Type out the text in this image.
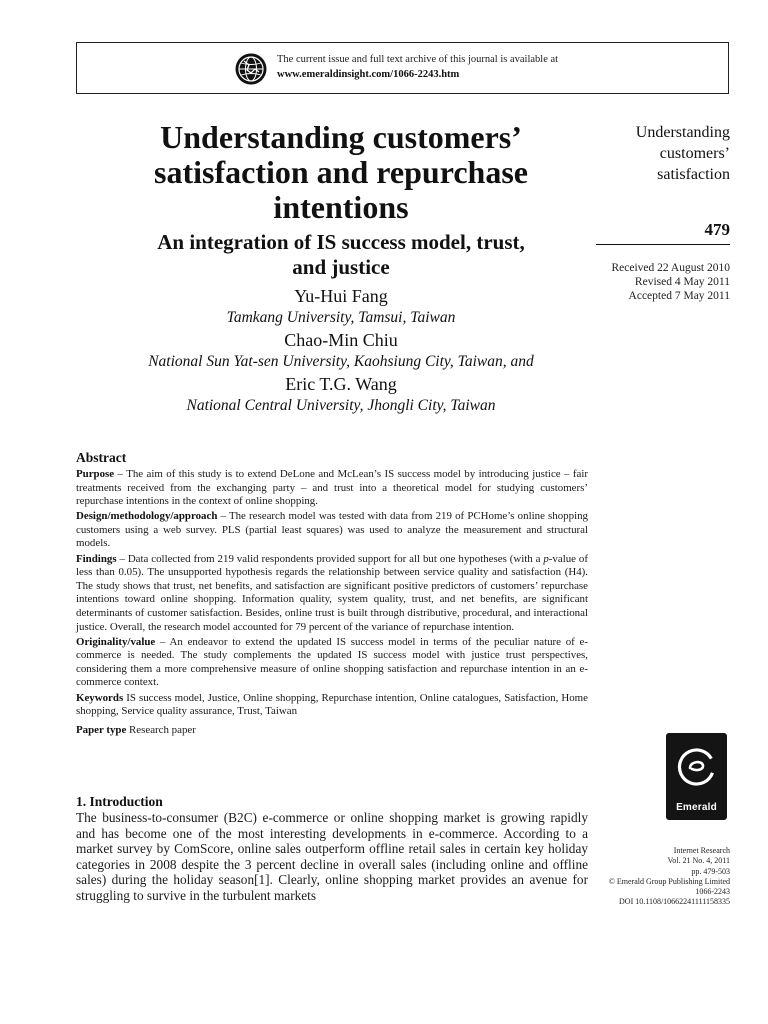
The current issue and full text archive of this journal is available at
www.emeraldinsight.com/1066-2243.htm
Understanding customers’
satisfaction and repurchase
intentions
An integration of IS success model, trust,
and justice
Yu-Hui Fang
Tamkang University, Tamsui, Taiwan
Chao-Min Chiu
National Sun Yat-sen University, Kaohsiung City, Taiwan, and
Eric T.G. Wang
National Central University, Jhongli City, Taiwan
Understanding
customers’
satisfaction
479
Received 22 August 2010
Revised 4 May 2011
Accepted 7 May 2011
Abstract

Purpose – The aim of this study is to extend DeLone and McLean’s IS success model by introducing justice – fair treatments received from the exchanging party – and trust into a theoretical model for studying customers’ repurchase intentions in the context of online shopping.

Design/methodology/approach – The research model was tested with data from 219 of PCHome’s online shopping customers using a web survey. PLS (partial least squares) was used to analyze the measurement and structural models.

Findings – Data collected from 219 valid respondents provided support for all but one hypotheses (with a p-value of less than 0.05). The unsupported hypothesis regards the relationship between service quality and satisfaction (H4). The study shows that trust, net benefits, and satisfaction are significant positive predictors of customers’ repurchase intentions toward online shopping. Information quality, system quality, trust, and net benefits, are significant determinants of customer satisfaction. Besides, online trust is built through distributive, procedural, and interactional justice. Overall, the research model accounted for 79 percent of the variance of repurchase intention.

Originality/value – An endeavor to extend the updated IS success model in terms of the peculiar nature of e-commerce is needed. The study complements the updated IS success model with justice trust perspectives, considering them a more comprehensive measure of online shopping satisfaction and repurchase intention in an e-commerce context.

Keywords IS success model, Justice, Online shopping, Repurchase intention, Online catalogues, Satisfaction, Home shopping, Service quality assurance, Trust, Taiwan

Paper type Research paper

1. Introduction

The business-to-consumer (B2C) e-commerce or online shopping market is growing rapidly and has become one of the most interesting developments in e-commerce. According to a market survey by ComScore, online sales outperform offline retail sales in certain key holiday categories in 2008 despite the 3 percent decline in overall sales (including online and offline sales) during the holiday season[1]. Clearly, online shopping market provides an avenue for struggling to survive in the turbulent markets

Emerald
Internet Research
Vol. 21 No. 4, 2011
pp. 479-503
© Emerald Group Publishing Limited
1066-2243
DOI 10.1108/10662241111158335
